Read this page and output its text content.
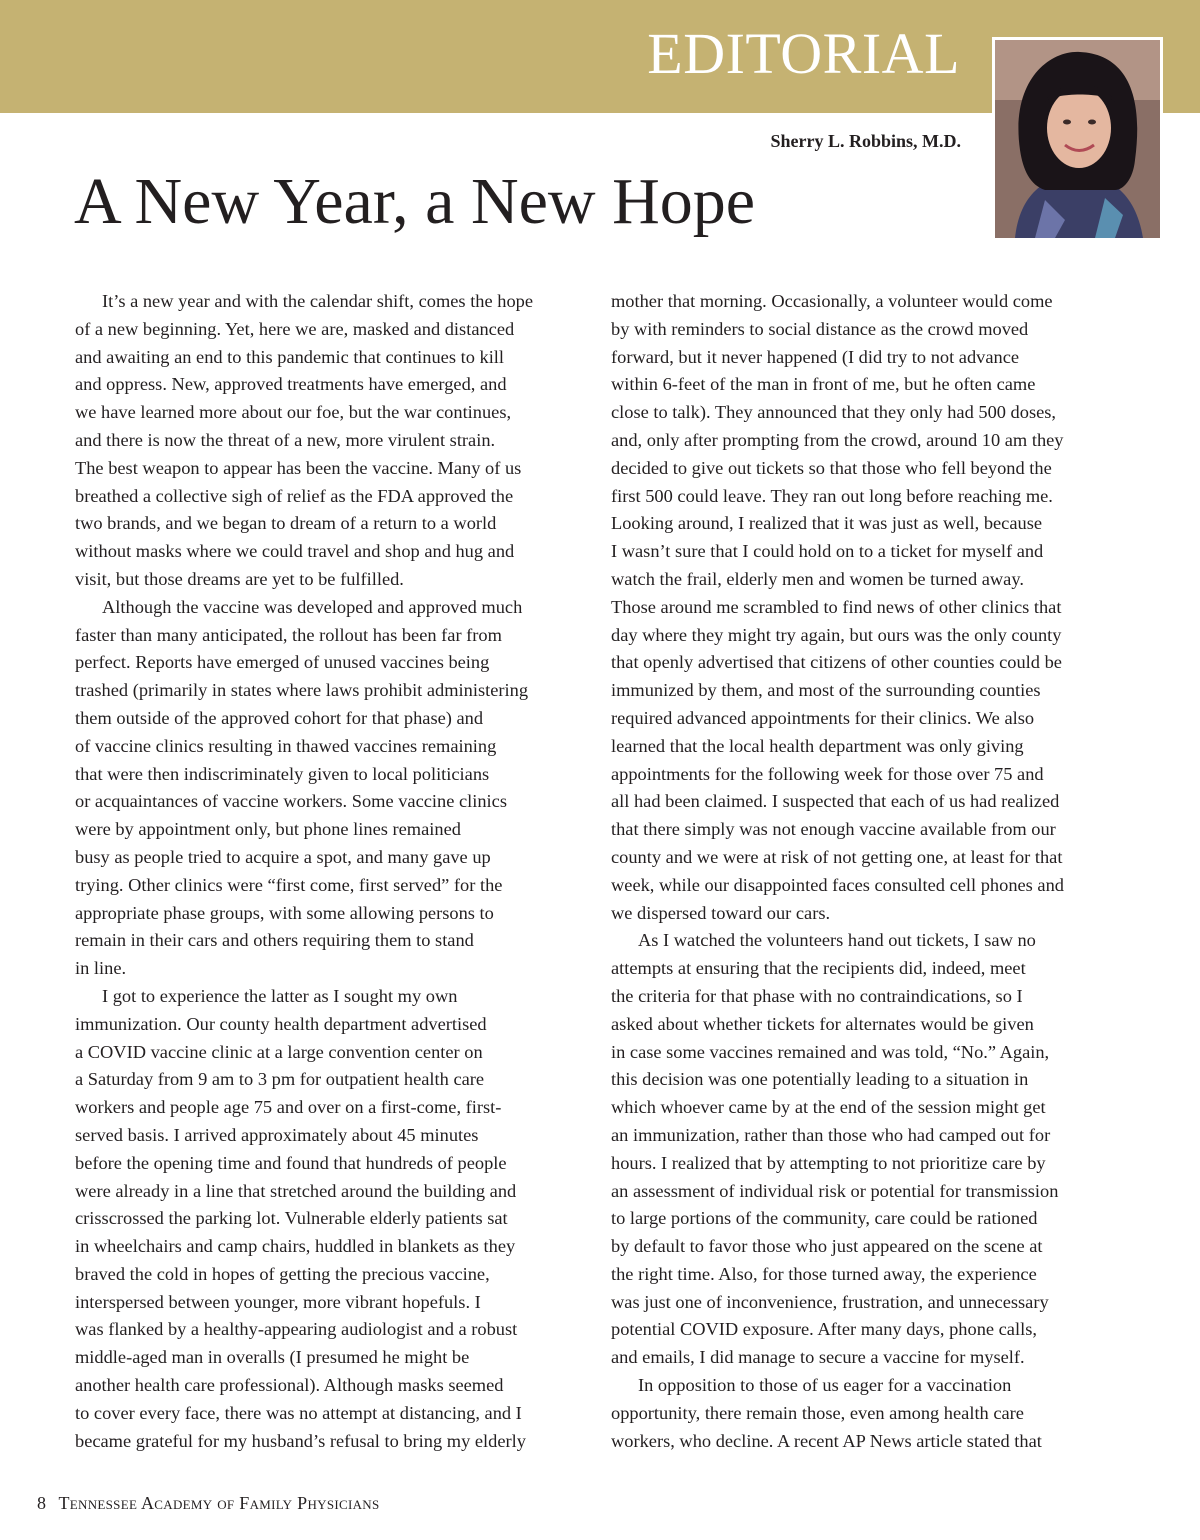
EDITORIAL
Sherry L. Robbins, M.D.
A New Year, a New Hope
It’s a new year and with the calendar shift, comes the hope
of a new beginning. Yet, here we are, masked and distanced
and awaiting an end to this pandemic that continues to kill
and oppress. New, approved treatments have emerged, and
we have learned more about our foe, but the war continues,
and there is now the threat of a new, more virulent strain.
The best weapon to appear has been the vaccine. Many of us
breathed a collective sigh of relief as the FDA approved the
two brands, and we began to dream of a return to a world
without masks where we could travel and shop and hug and
visit, but those dreams are yet to be fulfilled.
Although the vaccine was developed and approved much
faster than many anticipated, the rollout has been far from
perfect. Reports have emerged of unused vaccines being
trashed (primarily in states where laws prohibit administering
them outside of the approved cohort for that phase) and
of vaccine clinics resulting in thawed vaccines remaining
that were then indiscriminately given to local politicians
or acquaintances of vaccine workers. Some vaccine clinics
were by appointment only, but phone lines remained
busy as people tried to acquire a spot, and many gave up
trying. Other clinics were “first come, first served” for the
appropriate phase groups, with some allowing persons to
remain in their cars and others requiring them to stand
in line.
I got to experience the latter as I sought my own
immunization. Our county health department advertised
a COVID vaccine clinic at a large convention center on
a Saturday from 9 am to 3 pm for outpatient health care
workers and people age 75 and over on a first-come, first-
served basis. I arrived approximately about 45 minutes
before the opening time and found that hundreds of people
were already in a line that stretched around the building and
crisscrossed the parking lot. Vulnerable elderly patients sat
in wheelchairs and camp chairs, huddled in blankets as they
braved the cold in hopes of getting the precious vaccine,
interspersed between younger, more vibrant hopefuls. I
was flanked by a healthy-appearing audiologist and a robust
middle-aged man in overalls (I presumed he might be
another health care professional). Although masks seemed
to cover every face, there was no attempt at distancing, and I
became grateful for my husband’s refusal to bring my elderly
mother that morning. Occasionally, a volunteer would come
by with reminders to social distance as the crowd moved
forward, but it never happened (I did try to not advance
within 6-feet of the man in front of me, but he often came
close to talk). They announced that they only had 500 doses,
and, only after prompting from the crowd, around 10 am they
decided to give out tickets so that those who fell beyond the
first 500 could leave. They ran out long before reaching me.
Looking around, I realized that it was just as well, because
I wasn’t sure that I could hold on to a ticket for myself and
watch the frail, elderly men and women be turned away.
Those around me scrambled to find news of other clinics that
day where they might try again, but ours was the only county
that openly advertised that citizens of other counties could be
immunized by them, and most of the surrounding counties
required advanced appointments for their clinics. We also
learned that the local health department was only giving
appointments for the following week for those over 75 and
all had been claimed. I suspected that each of us had realized
that there simply was not enough vaccine available from our
county and we were at risk of not getting one, at least for that
week, while our disappointed faces consulted cell phones and
we dispersed toward our cars.
As I watched the volunteers hand out tickets, I saw no
attempts at ensuring that the recipients did, indeed, meet
the criteria for that phase with no contraindications, so I
asked about whether tickets for alternates would be given
in case some vaccines remained and was told, “No.” Again,
this decision was one potentially leading to a situation in
which whoever came by at the end of the session might get
an immunization, rather than those who had camped out for
hours. I realized that by attempting to not prioritize care by
an assessment of individual risk or potential for transmission
to large portions of the community, care could be rationed
by default to favor those who just appeared on the scene at
the right time. Also, for those turned away, the experience
was just one of inconvenience, frustration, and unnecessary
potential COVID exposure. After many days, phone calls,
and emails, I did manage to secure a vaccine for myself.
In opposition to those of us eager for a vaccination
opportunity, there remain those, even among health care
workers, who decline. A recent AP News article stated that
8 Tennessee Academy of Family Physicians
